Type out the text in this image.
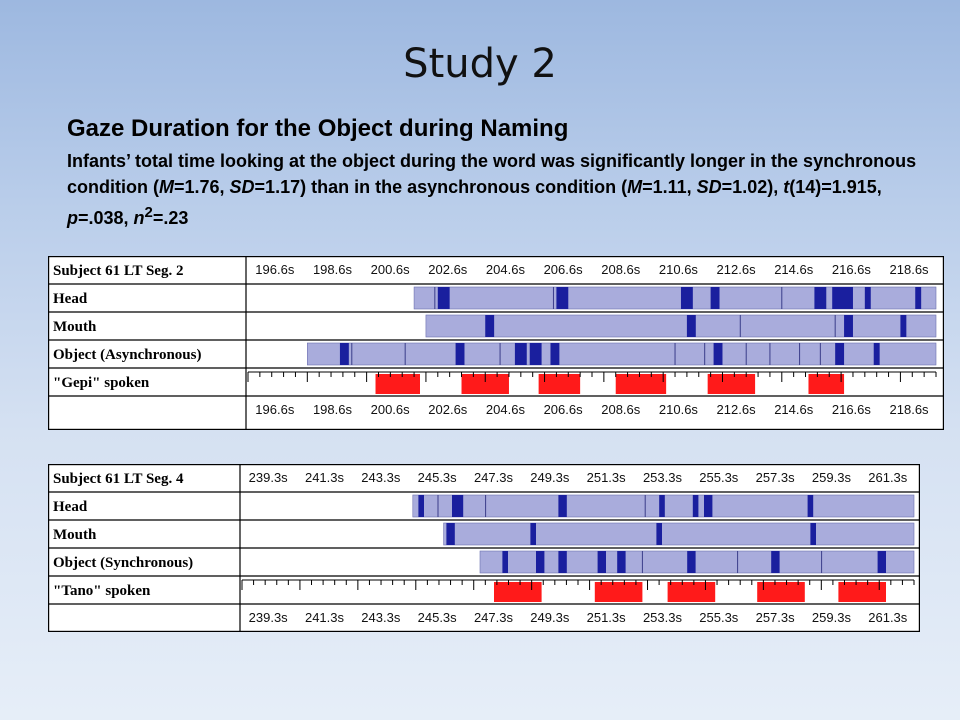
Study 2
Gaze Duration for the Object during Naming
Infants’ total time looking at the object during the word was significantly longer in the synchronous condition (M=1.76, SD=1.17) than in the asynchronous condition (M=1.11, SD=1.02), t(14)=1.915, p=.038, $n^2=.23$
Subject 61 LT Seg. 2
Head
Mouth
Object (Asynchronous)
"Gepi" spoken
196.6s 198.6s 200.6s 202.6s 204.6s 206.6s 208.6s 210.6s 212.6s 214.6s 216.6s 218.6s
196.6s 198.6s 200.6s 202.6s 204.6s 206.6s 208.6s 210.6s 212.6s 214.6s 216.6s 218.6s
Subject 61 LT Seg. 4
Head
Mouth
Object (Synchronous)
"Tano" spoken
239.3s 241.3s 243.3s 245.3s 247.3s 249.3s 251.3s 253.3s 255.3s 257.3s 259.3s 261.3s
239.3s 241.3s 243.3s 245.3s 247.3s 249.3s 251.3s 253.3s 255.3s 257.3s 259.3s 261.3s
